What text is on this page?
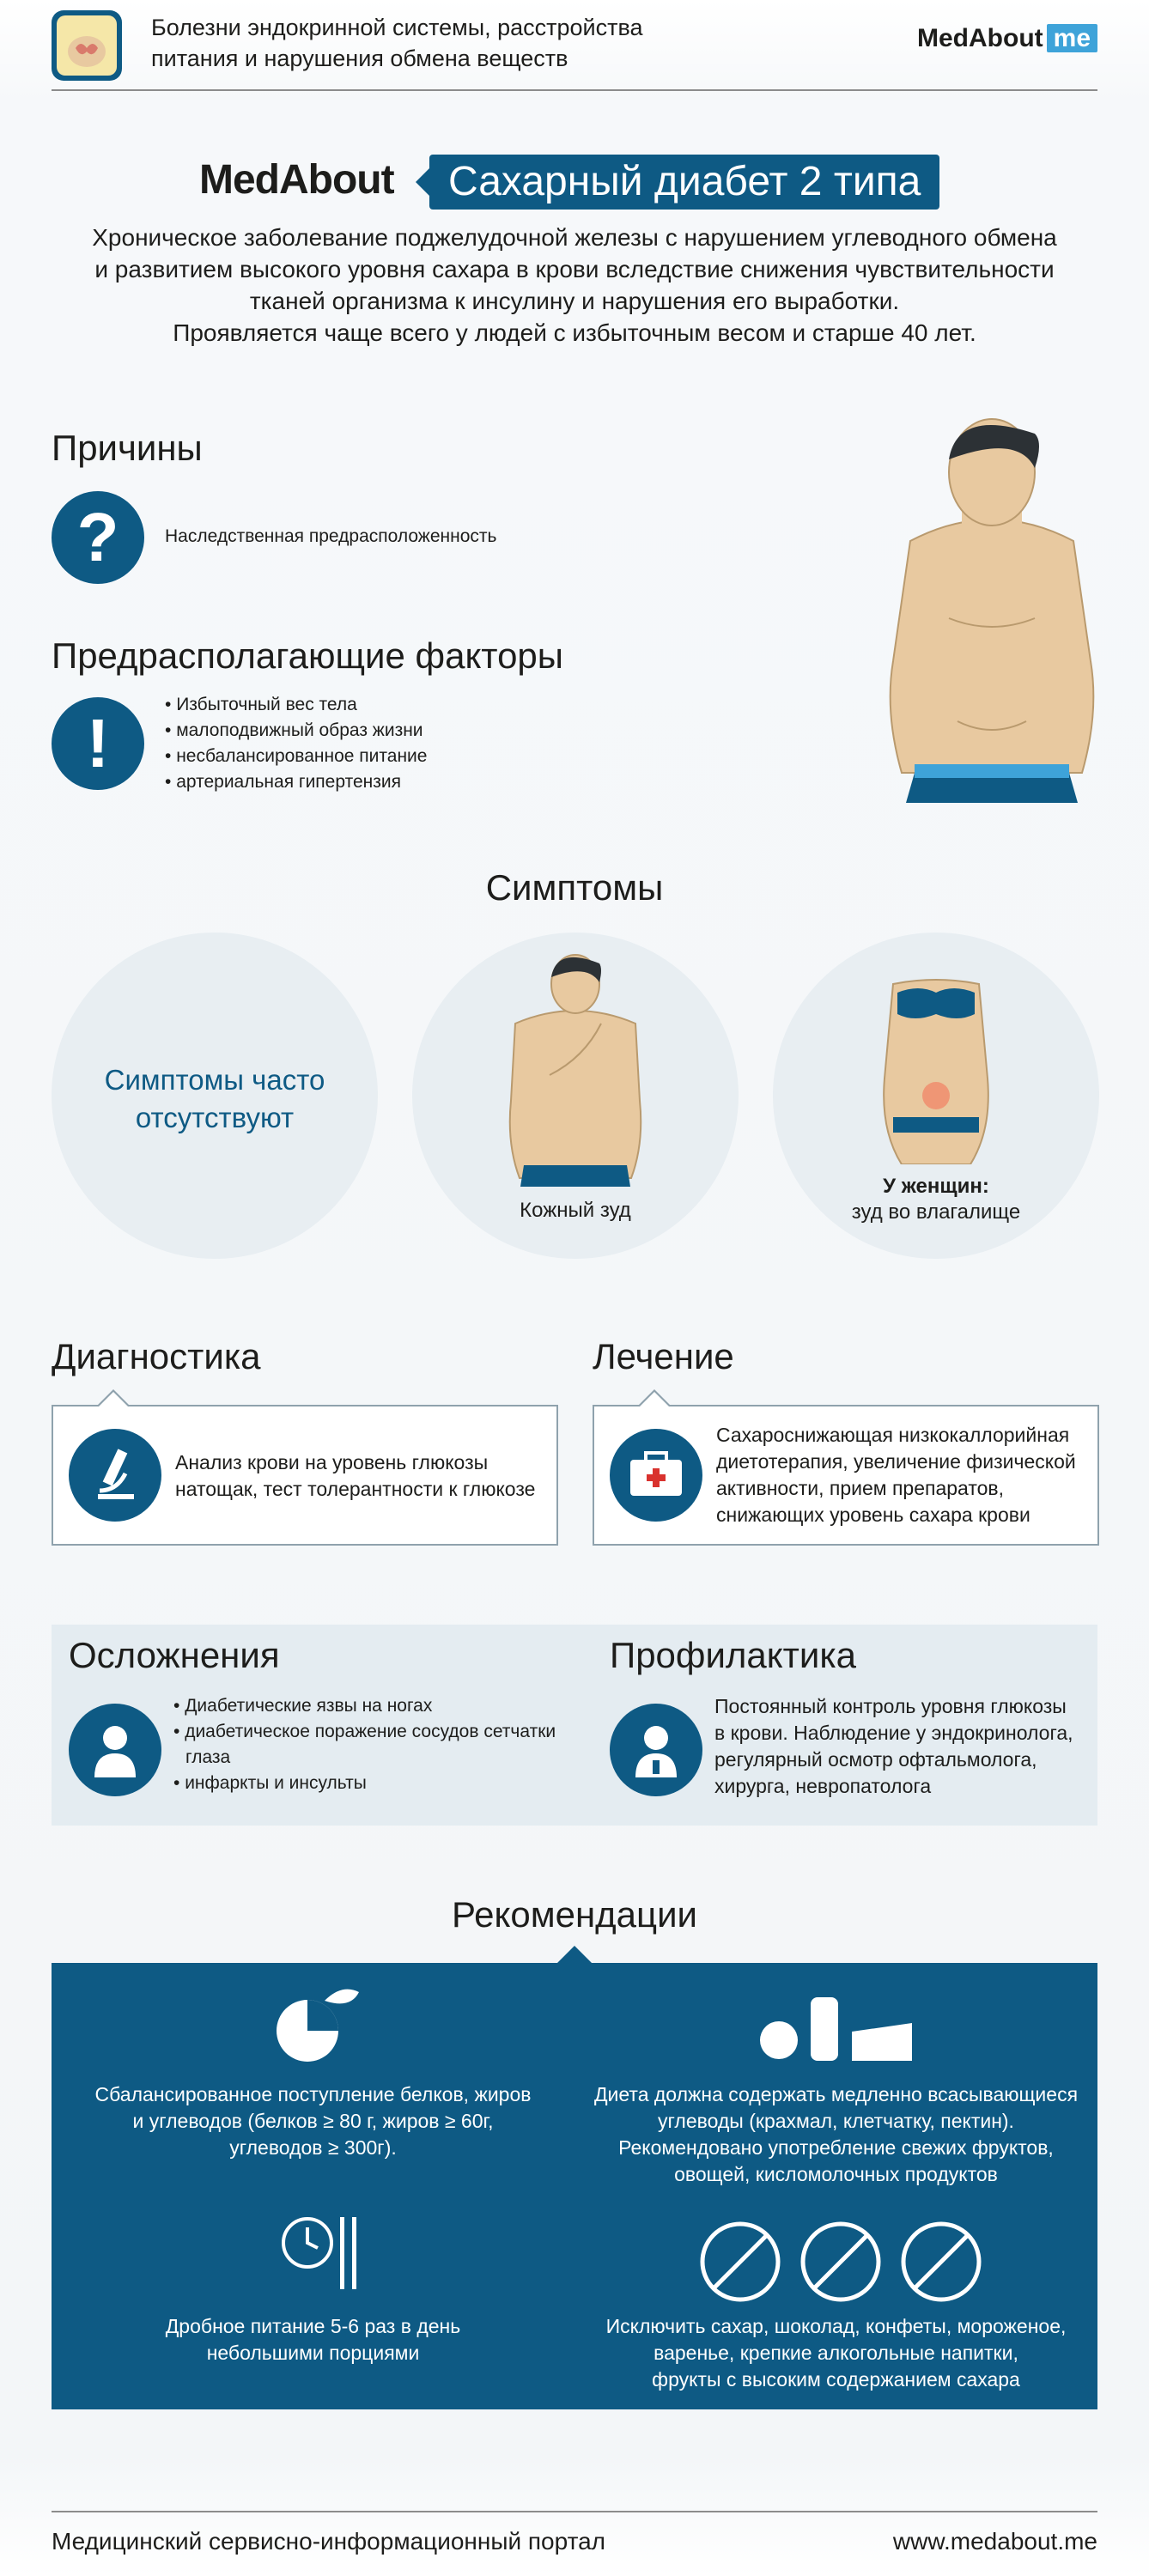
Болезни эндокринной системы, расстройства
питания и нарушения обмена веществ
MedAbout me
MedAbout	Сахарный диабет 2 типа
Хроническое заболевание поджелудочной железы с нарушением углеводного обмена
и развитием высокого уровня сахара в крови вследствие снижения чувствительности
тканей организма к инсулину и нарушения его выработки.
Проявляется чаще всего у людей с избыточным весом и старше 40 лет.
Причины
?	Наследственная предрасположенность
Предрасполагающие факторы
!
• Избыточный вес тела
• малоподвижный образ жизни
• несбалансированное питание
• артериальная гипертензия
Симптомы
Симптомы часто
отсутствуют
Кожный зуд
У женщин:
зуд во влагалище
Диагностика
Анализ крови на уровень глюкозы
натощак, тест толерантности к глюкозе
Лечение
Сахароснижающая низкокаллорийная
диетотерапия, увеличение физической
активности, прием препаратов,
снижающих уровень сахара крови
Осложнения
• Диабетические язвы на ногах
• диабетическое поражение сосудов сетчатки
глаза
• инфаркты и инсульты
Профилактика
Постоянный контроль уровня глюкозы
в крови. Наблюдение у эндокринолога,
регулярный осмотр офтальмолога,
хирурга, невропатолога
Рекомендации
Сбалансированное поступление белков, жиров
и углеводов (белков ≥ 80 г, жиров ≥ 60г,
углеводов ≥ 300г).
Диета должна содержать медленно всасывающиеся
углеводы (крахмал, клетчатку, пектин).
Рекомендовано употребление свежих фруктов,
овощей, кисломолочных продуктов
Дробное питание 5-6 раз в день
небольшими порциями
Исключить сахар, шоколад, конфеты, мороженое,
варенье, крепкие алкогольные напитки,
фрукты с высоким содержанием сахара
Медицинский сервисно-информационный портал	www.medabout.me
